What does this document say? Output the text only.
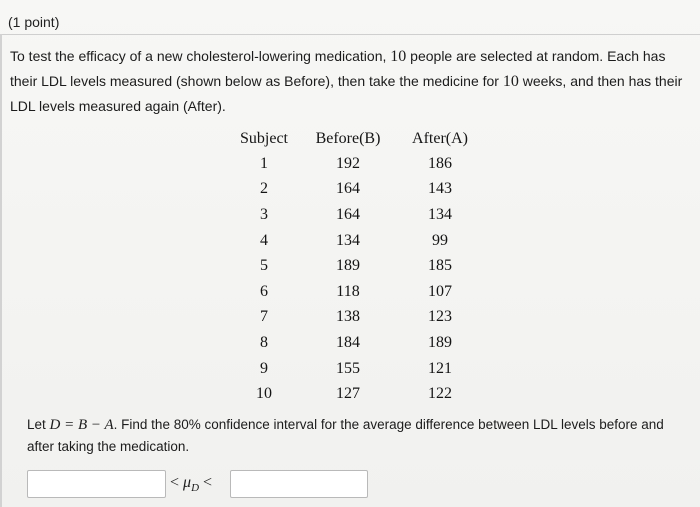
(1 point)
To test the efficacy of a new cholesterol-lowering medication, 10 people are selected at random. Each has their LDL levels measured (shown below as Before), then take the medicine for 10 weeks, and then has their LDL levels measured again (After).
Subject	Before(B)	After(A)
1	192	186
2	164	143
3	164	134
4	134	99
5	189	185
6	118	107
7	138	123
8	184	189
9	155	121
10	127	122
Let D = B − A. Find the 80% confidence interval for the average difference between LDL levels before and after taking the medication.
< $\mu_D$ <
